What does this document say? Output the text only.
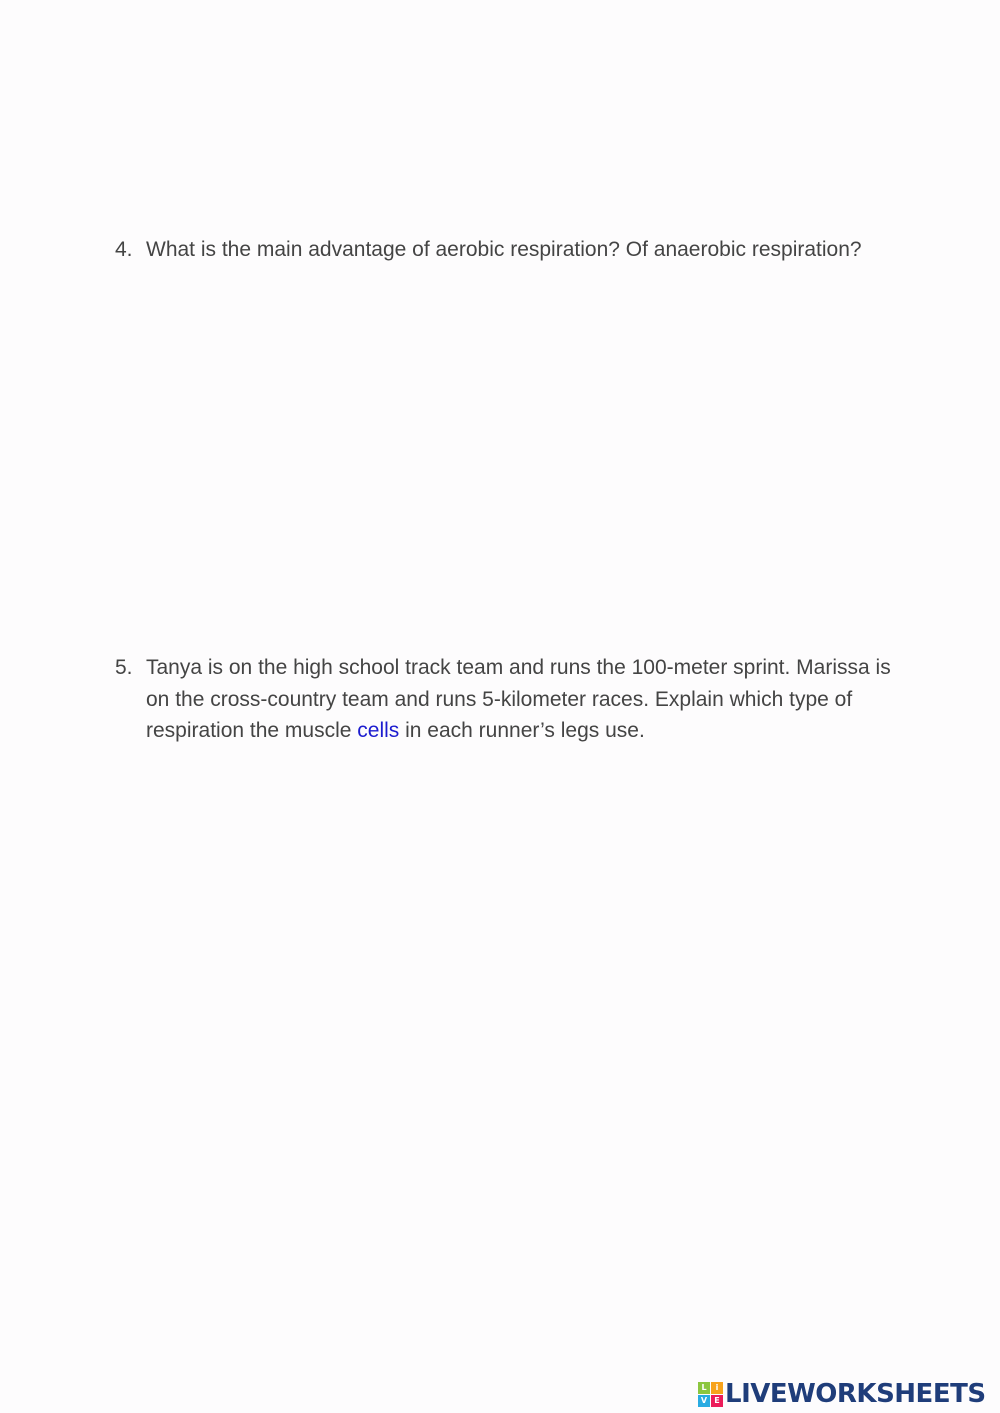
4. What is the main advantage of aerobic respiration? Of anaerobic respiration?
5. Tanya is on the high school track team and runs the 100-meter sprint. Marissa is on the cross-country team and runs 5-kilometer races. Explain which type of respiration the muscle cells in each runner’s legs use.
L	i
V E LIVEWORKSHEETS
